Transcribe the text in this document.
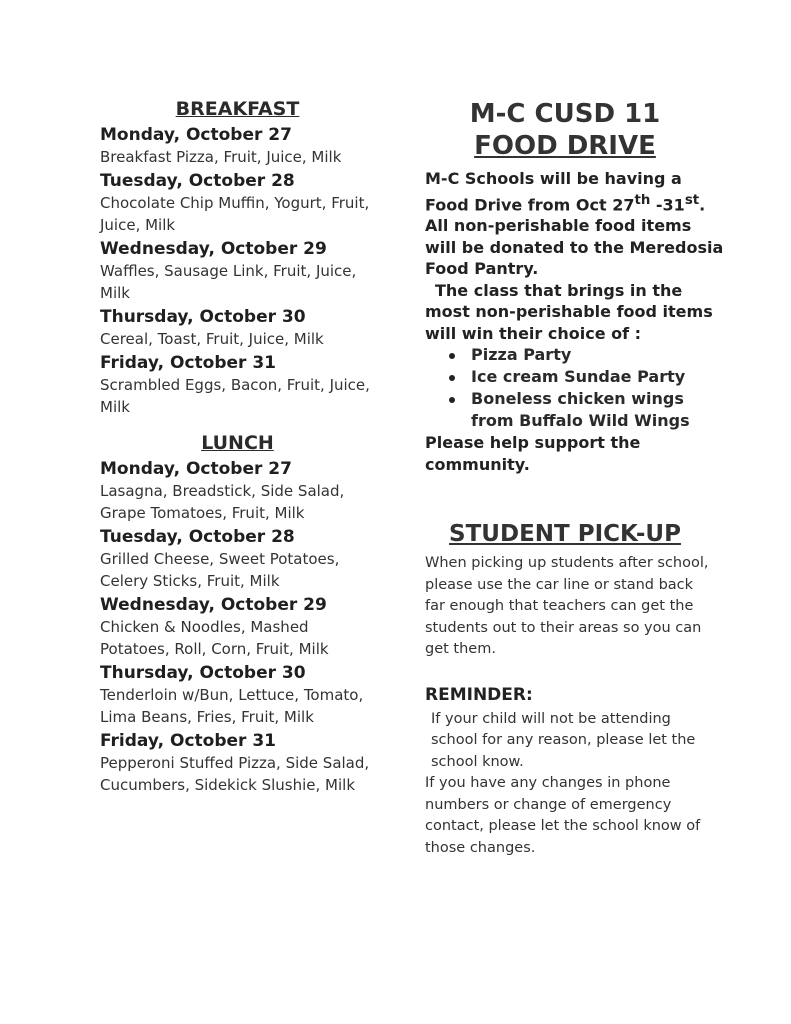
BREAKFAST
Monday, October 27
Breakfast Pizza, Fruit, Juice, Milk
Tuesday, October 28
Chocolate Chip Muffin, Yogurt, Fruit, Juice, Milk
Wednesday, October 29
Waffles, Sausage Link, Fruit, Juice, Milk
Thursday, October 30
Cereal, Toast, Fruit, Juice, Milk
Friday, October 31
Scrambled Eggs, Bacon, Fruit, Juice, Milk
LUNCH
Monday, October 27
Lasagna, Breadstick, Side Salad, Grape Tomatoes, Fruit, Milk
Tuesday, October 28
Grilled Cheese, Sweet Potatoes, Celery Sticks, Fruit, Milk
Wednesday, October 29
Chicken & Noodles, Mashed Potatoes, Roll, Corn, Fruit, Milk
Thursday, October 30
Tenderloin w/Bun, Lettuce, Tomato, Lima Beans, Fries, Fruit, Milk
Friday, October 31
Pepperoni Stuffed Pizza, Side Salad, Cucumbers, Sidekick Slushie, Milk
M-C CUSD 11
FOOD DRIVE
M-C Schools will be having a Food Drive from Oct 27th -31st.
All non-perishable food items will be donated to the Meredosia Food Pantry.
The class that brings in the most non-perishable food items will win their choice of :
Pizza Party
Ice cream Sundae Party
Boneless chicken wings from Buffalo Wild Wings
Please help support the community.
STUDENT PICK-UP
When picking up students after school, please use the car line or stand back far enough that teachers can get the students out to their areas so you can get them.
REMINDER:
If your child will not be attending school for any reason, please let the school know.
If you have any changes in phone numbers or change of emergency contact, please let the school know of those changes.
